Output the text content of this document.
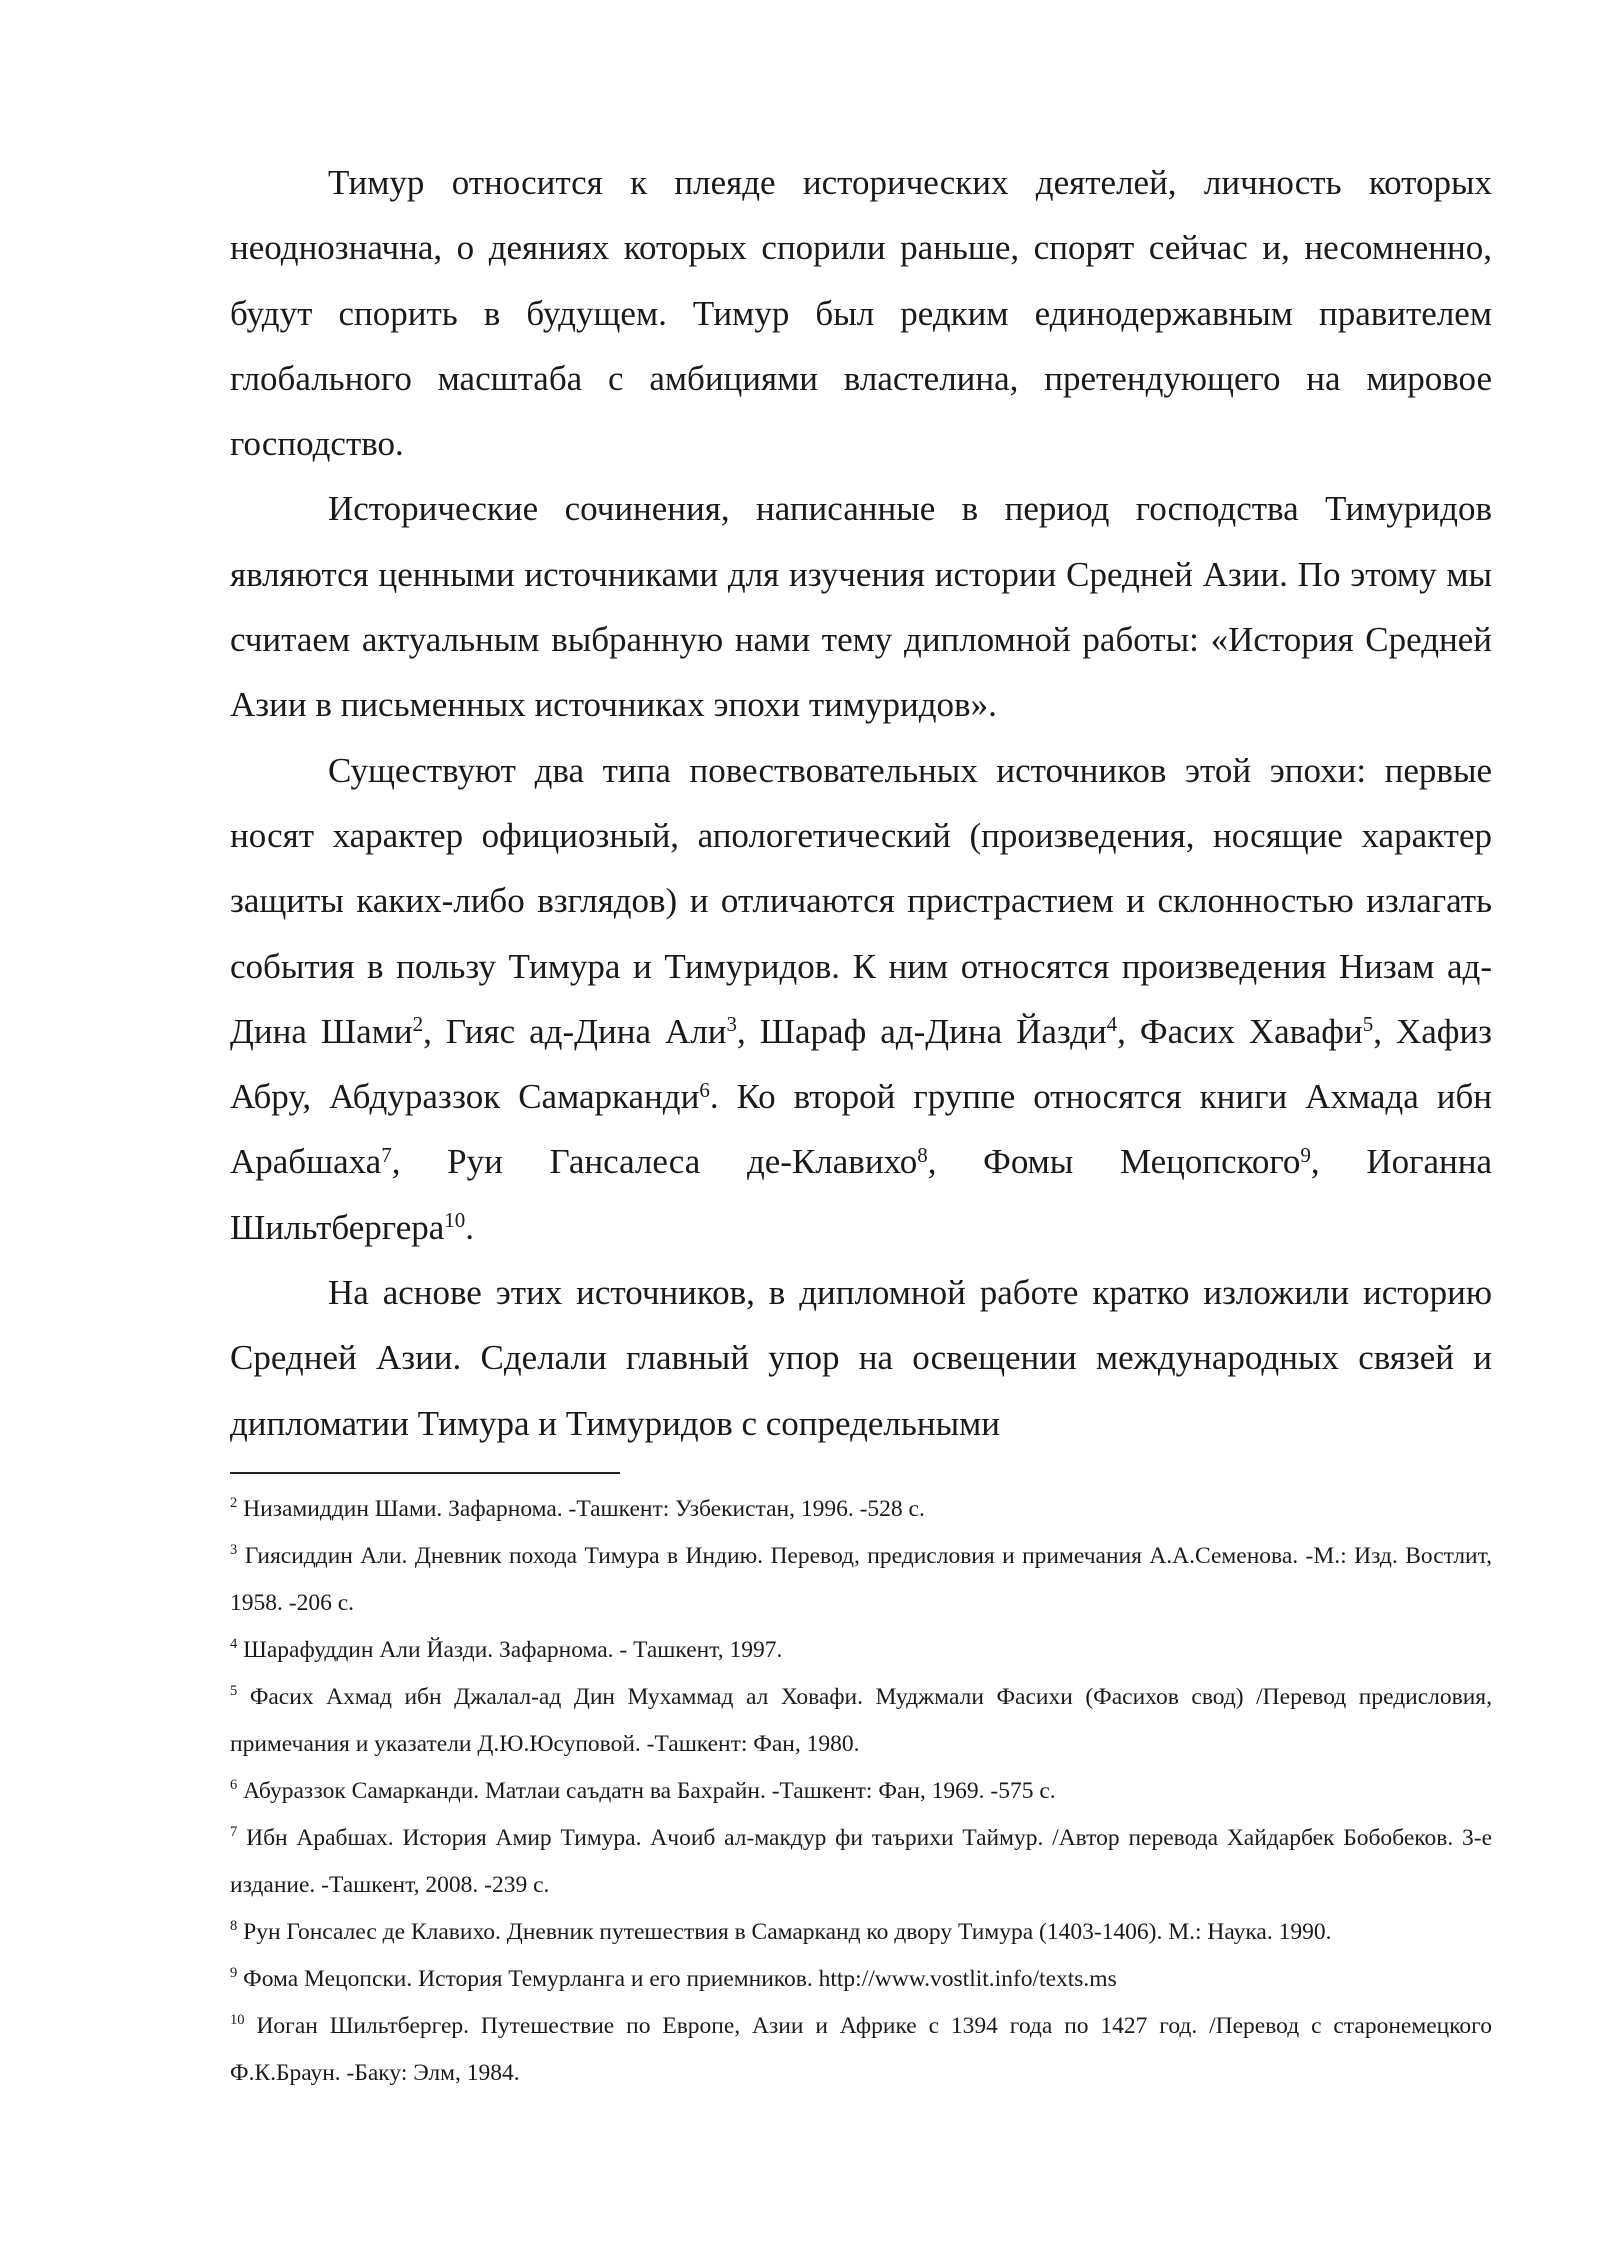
Тимур относится к плеяде исторических деятелей, личность которых неоднозначна, о деяниях которых спорили раньше, спорят сейчас и, несомненно, будут спорить в будущем. Тимур был редким единодержавным правителем глобального масштаба с амбициями властелина, претендующего на мировое господство.

Исторические сочинения, написанные в период господства Тимуридов являются ценными источниками для изучения истории Средней Азии. По этому мы считаем актуальным выбранную нами тему дипломной работы: «История Средней Азии в письменных источниках эпохи тимуридов».

Существуют два типа повествовательных источников этой эпохи: первые носят характер официозный, апологетический (произведения, носящие характер защиты каких-либо взглядов) и отличаются пристрастием и склонностью излагать события в пользу Тимура и Тимуридов. К ним относятся произведения Низам ад-Дина Шами$^2$, Гияс ад-Дина Али$^3$, Шараф ад-Дина Йазди$^4$, Фасих Хавафи$^5$, Хафиз Абру, Абдураззок Самарканди$^6$. Ко второй группе относятся книги Ахмада ибн Арабшаха$^7$, Руи Гансалеса де-Клавихо$^8$, Фомы Мецопского$^9$, Иоганна Шильтбергера$^{10}$.

На аснове этих источников, в дипломной работе кратко изложили историю Средней Азии. Сделали главный упор на освещении международных связей и дипломатии Тимура и Тимуридов с сопредельными

$^2$ Низамиддин Шами. Зафарнома. -Ташкент: Узбекистан, 1996. -528 с.
$^3$ Гиясиддин Али. Дневник похода Тимура в Индию. Перевод, предисловия и примечания А.А.Семенова. -М.: Изд. Востлит, 1958. -206 с.
$^4$ Шарафуддин Али Йазди. Зафарнома. - Ташкент, 1997.
$^5$ Фасих Ахмад ибн Джалал-ад Дин Мухаммад ал Ховафи. Муджмали Фасихи (Фасихов свод) /Перевод предисловия, примечания и указатели Д.Ю.Юсуповой. -Ташкент: Фан, 1980.
$^6$ Абураззок Самарканди. Матлаи саъдатн ва Бахрайн. -Ташкент: Фан, 1969. -575 с.
$^7$ Ибн Арабшах. История Амир Тимура. Ачоиб ал-макдур фи таърихи Таймур. /Автор перевода Хайдарбек Бобобеков. 3-е издание. -Ташкент, 2008. -239 с.
$^8$ Рун Гонсалес де Клавихо. Дневник путешествия в Самарканд ко двору Тимура (1403-1406). М.: Наука. 1990.
$^9$ Фома Мецопски. История Темурланга и его приемников. http://www.vostlit.info/texts.ms
$^{10}$ Иоган Шильтбергер. Путешествие по Европе, Азии и Африке с 1394 года по 1427 год. /Перевод с старонемецкого Ф.К.Браун. -Баку: Элм, 1984.
